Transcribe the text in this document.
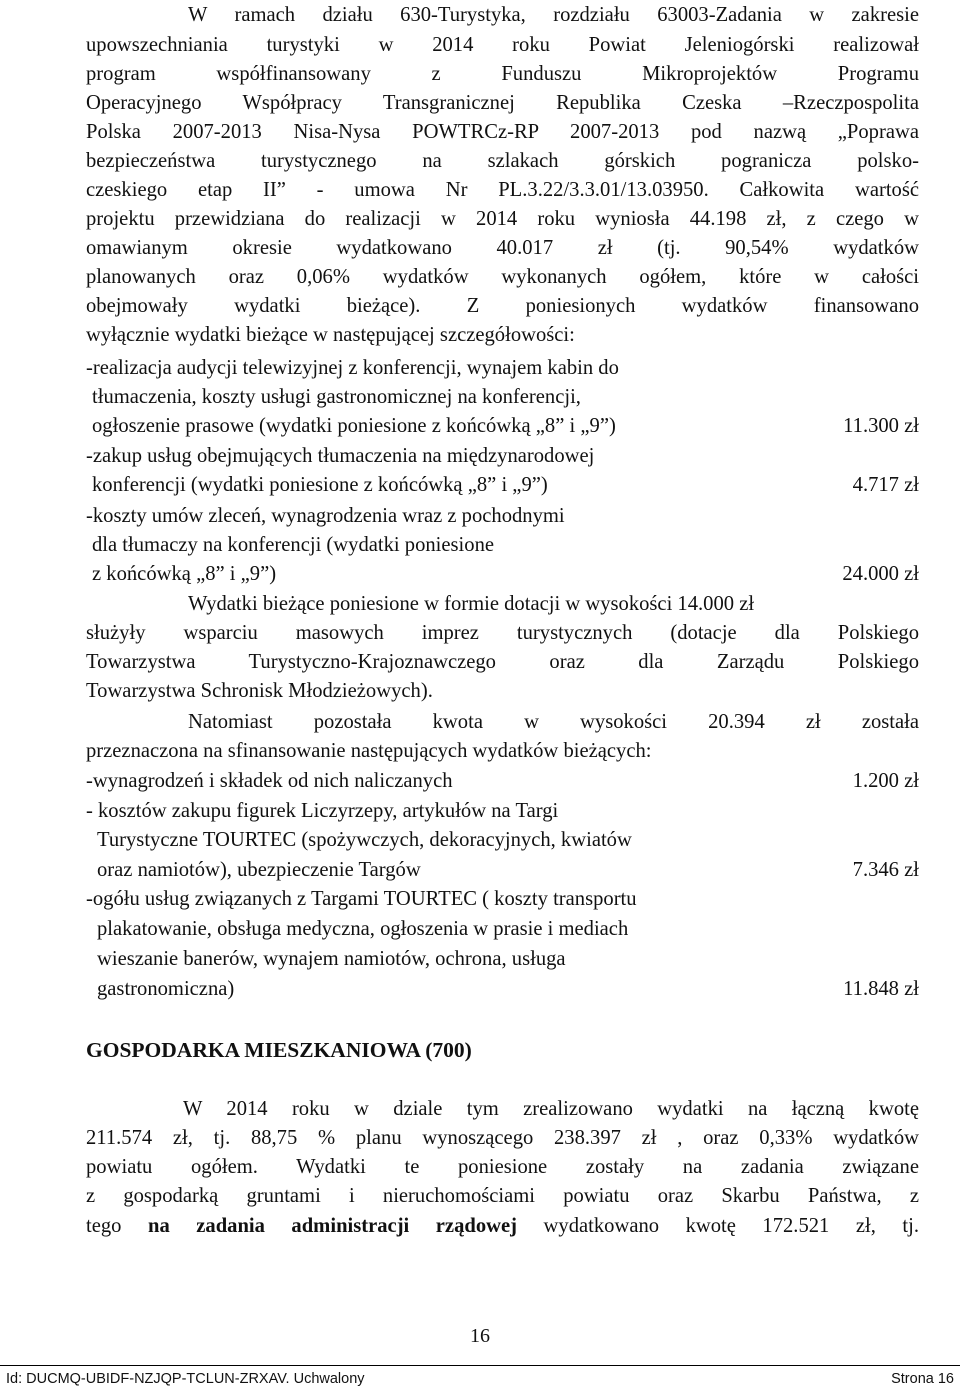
W ramach działu 630-Turystyka, rozdziału 63003-Zadania w zakresie
upowszechniania turystyki w 2014 roku Powiat Jeleniogórski realizował
program współfinansowany z Funduszu Mikroprojektów Programu
Operacyjnego Współpracy Transgranicznej Republika Czeska –Rzeczpospolita
Polska 2007-2013 Nisa-Nysa POWTRCz-RP 2007-2013 pod nazwą „Poprawa
bezpieczeństwa turystycznego na szlakach górskich pogranicza polsko-
czeskiego etap II” - umowa Nr PL.3.22/3.3.01/13.03950. Całkowita wartość
projektu przewidziana do realizacji w 2014 roku wyniosła 44.198 zł, z czego w
omawianym okresie wydatkowano 40.017 zł (tj. 90,54% wydatków
planowanych oraz 0,06% wydatków wykonanych ogółem, które w całości
obejmowały wydatki bieżące). Z poniesionych wydatków finansowano
wyłącznie wydatki bieżące w następującej szczegółowości:
-realizacja audycji telewizyjnej z konferencji, wynajem kabin do
tłumaczenia, koszty usługi gastronomicznej na konferencji,
ogłoszenie prasowe (wydatki poniesione z końcówką „8” i „9”)	11.300 zł
-zakup usług obejmujących tłumaczenia na międzynarodowej
konferencji (wydatki poniesione z końcówką „8” i „9”)	4.717 zł
-koszty umów zleceń, wynagrodzenia wraz z pochodnymi
dla tłumaczy na konferencji (wydatki poniesione
z końcówką „8” i „9”)	24.000 zł
Wydatki bieżące poniesione w formie dotacji w wysokości 14.000 zł
służyły wsparciu masowych imprez turystycznych (dotacje dla Polskiego
Towarzystwa Turystyczno-Krajoznawczego oraz dla Zarządu Polskiego
Towarzystwa Schronisk Młodzieżowych).
Natomiast pozostała kwota w wysokości 20.394 zł została
przeznaczona na sfinansowanie następujących wydatków bieżących:
-wynagrodzeń i składek od nich naliczanych	1.200 zł
- kosztów zakupu figurek Liczyrzepy, artykułów na Targi
Turystyczne TOURTEC (spożywczych, dekoracyjnych, kwiatów
oraz namiotów), ubezpieczenie Targów	7.346 zł
-ogółu usług związanych z Targami TOURTEC ( koszty transportu
plakatowanie, obsługa medyczna, ogłoszenia w prasie i mediach
wieszanie banerów, wynajem namiotów, ochrona, usługa
gastronomiczna)	11.848 zł
GOSPODARKA MIESZKANIOWA (700)
W 2014 roku w dziale tym zrealizowano wydatki na łączną kwotę
211.574 zł, tj. 88,75 % planu wynoszącego 238.397 zł , oraz 0,33% wydatków
powiatu ogółem. Wydatki te poniesione zostały na zadania związane
z gospodarką gruntami i nieruchomościami powiatu oraz Skarbu Państwa, z
tego na zadania administracji rządowej wydatkowano kwotę 172.521 zł, tj.
16
Id: DUCMQ-UBIDF-NZJQP-TCLUN-ZRXAV. Uchwalony	Strona 16
